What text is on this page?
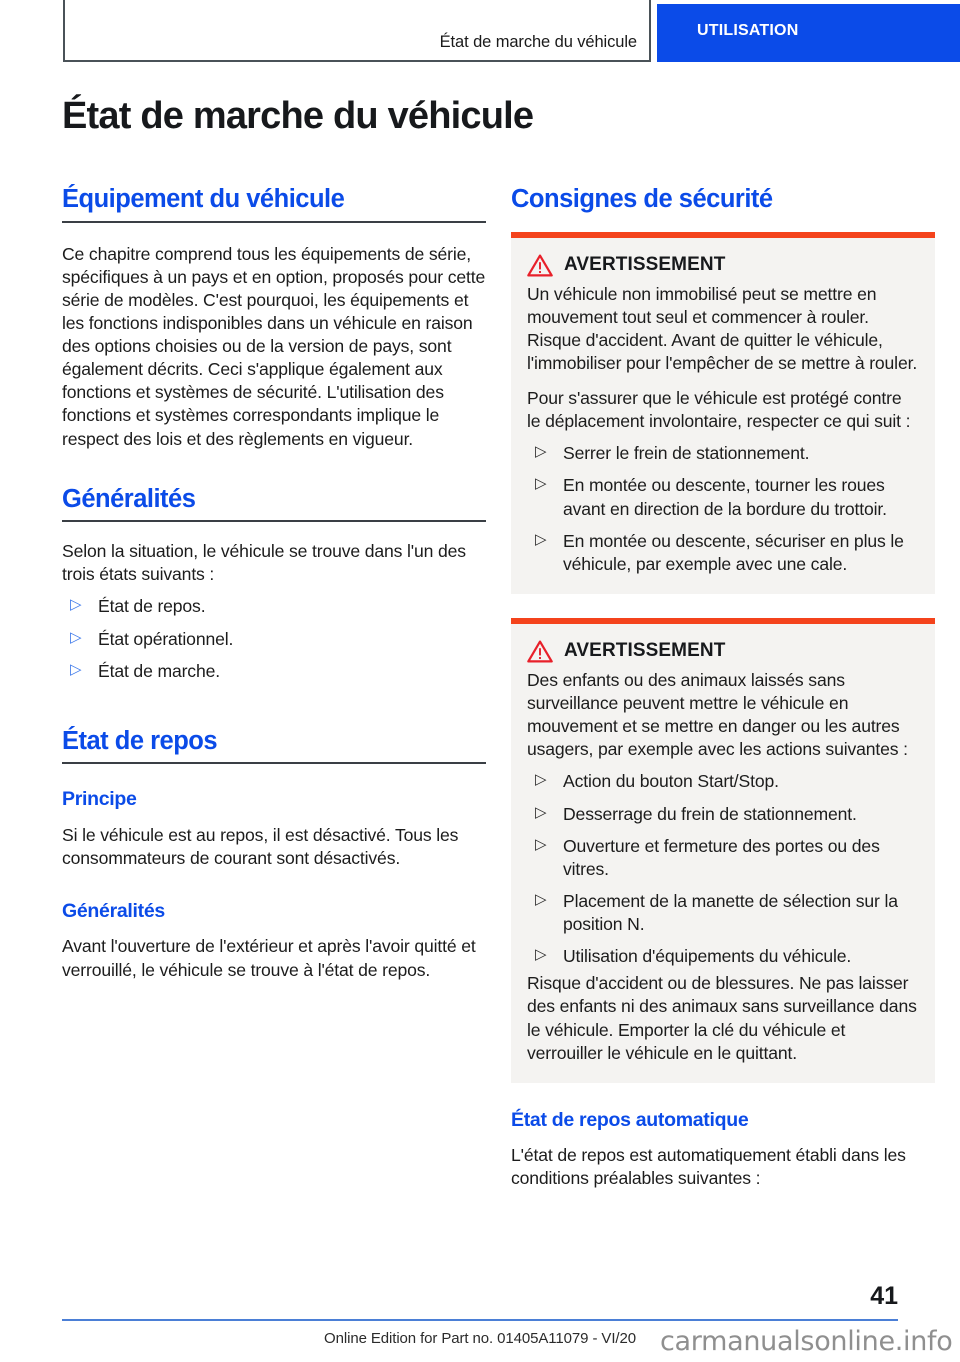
État de marche du véhicule
UTILISATION
État de marche du véhicule
Équipement du véhicule

Ce chapitre comprend tous les équipements de série, spécifiques à un pays et en option, proposés pour cette série de modèles. C'est pourquoi, les équipements et les fonctions indisponibles dans un véhicule en raison des options choisies ou de la version de pays, sont également décrits. Ceci s'applique également aux fonctions et systèmes de sécurité. L'utilisation des fonctions et systèmes correspondants implique le respect des lois et des règlements en vigueur.

Généralités

Selon la situation, le véhicule se trouve dans l'un des trois états suivants :

▷ État de repos.
▷ État opérationnel.
▷ État de marche.
État de repos
Principe

Si le véhicule est au repos, il est désactivé. Tous les consommateurs de courant sont désactivés.

Généralités

Avant l'ouverture de l'extérieur et après l'avoir quitté et verrouillé, le véhicule se trouve à l'état de repos.

Consignes de sécurité
AVERTISSEMENT

Un véhicule non immobilisé peut se mettre en mouvement tout seul et commencer à rouler. Risque d'accident. Avant de quitter le véhicule, l'immobiliser pour l'empêcher de se mettre à rouler.

Pour s'assurer que le véhicule est protégé contre le déplacement involontaire, respecter ce qui suit :

▷ Serrer le frein de stationnement.
▷ En montée ou descente, tourner les roues avant en direction de la bordure du trottoir.
▷ En montée ou descente, sécuriser en plus le véhicule, par exemple avec une cale.
AVERTISSEMENT

Des enfants ou des animaux laissés sans surveillance peuvent mettre le véhicule en mouvement et se mettre en danger ou les autres usagers, par exemple avec les actions suivantes :

▷ Action du bouton Start/Stop.
▷ Desserrage du frein de stationnement.
▷ Ouverture et fermeture des portes ou des vitres.
▷ Placement de la manette de sélection sur la position N.
▷ Utilisation d'équipements du véhicule.

Risque d'accident ou de blessures. Ne pas laisser des enfants ni des animaux sans surveillance dans le véhicule. Emporter la clé du véhicule et verrouiller le véhicule en le quittant.

État de repos automatique

L'état de repos est automatiquement établi dans les conditions préalables suivantes :

41
Online Edition for Part no. 01405A11079 - VI/20 carmanualsonline.info
